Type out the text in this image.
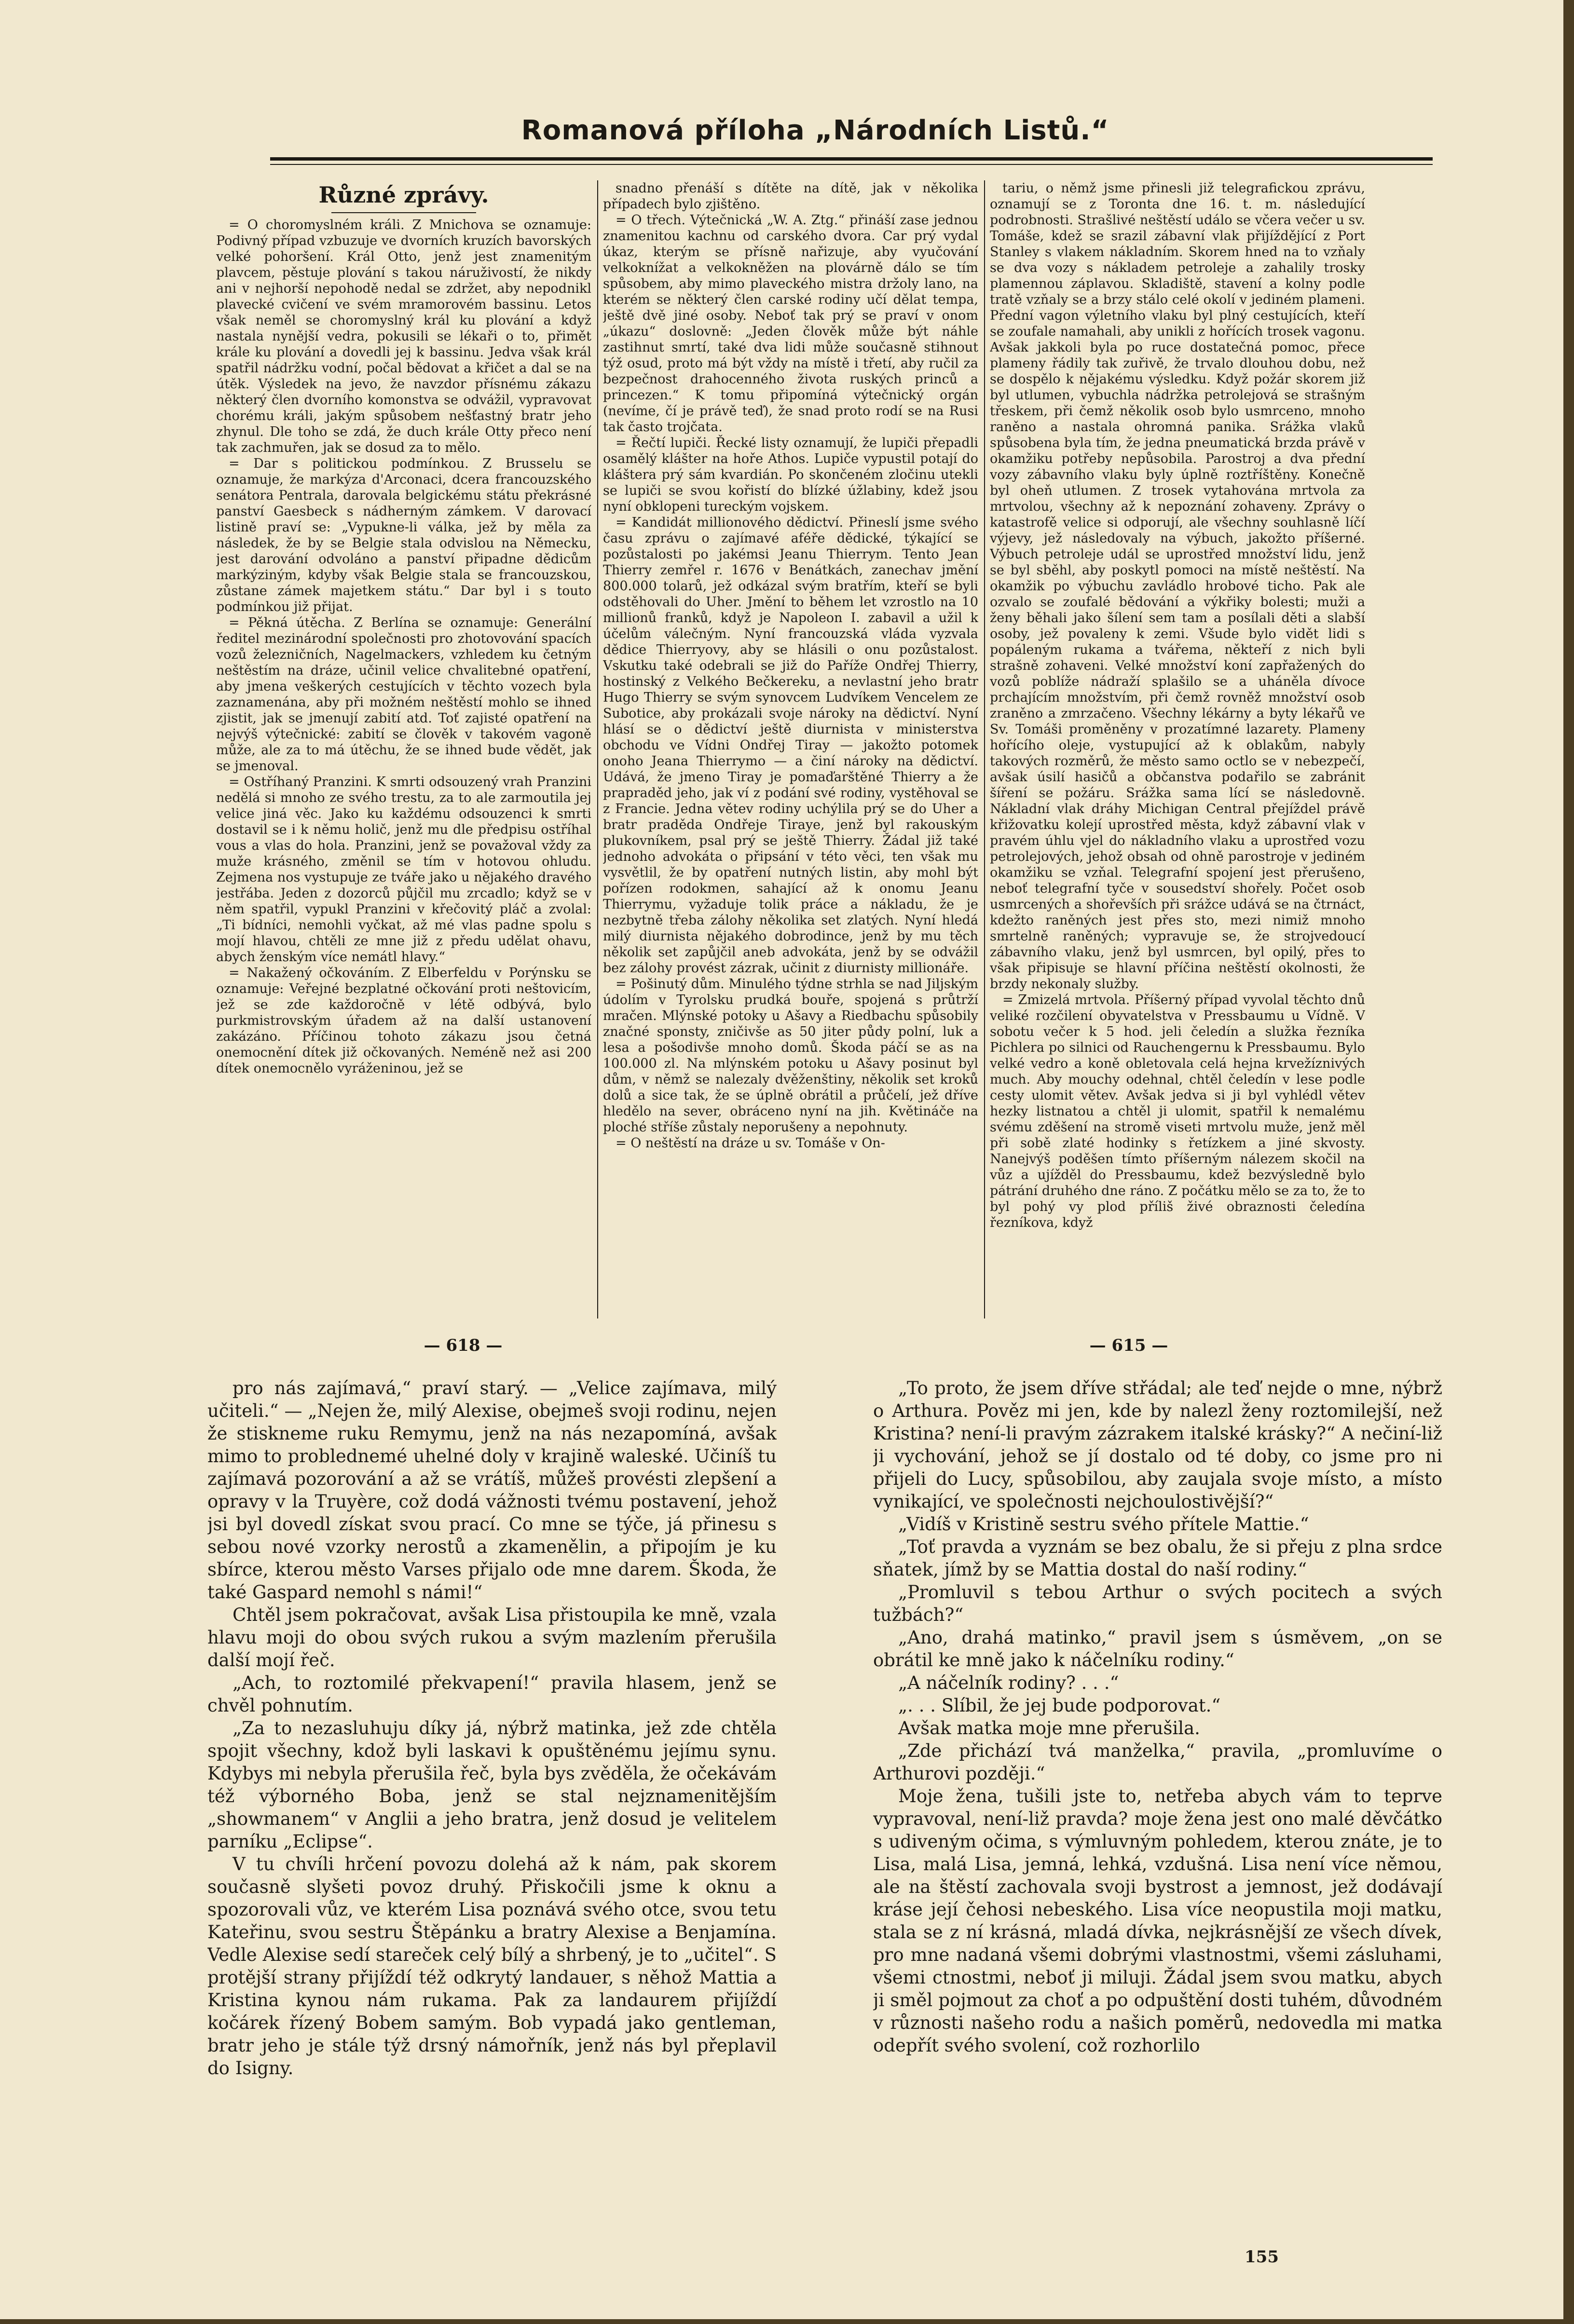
Romanová příloha „Národních Listů.“
Různé zprávy.

= O choromyslném králi. Z Mnichova se oznamuje: Podivný případ vzbuzuje ve dvorních kruzích bavorských velké pohoršení. Král Otto, jenž jest znamenitým plavcem, pěstuje plování s takou náruživostí, že nikdy ani v nejhorší nepohodě nedal se zdržet, aby nepodnikl plavecké cvičení ve svém mramorovém bassinu. Letos však neměl se choromyslný král ku plování a když nastala nynější vedra, pokusili se lékaři o to, přimět krále ku plování a dovedli jej k bassinu. Jedva však král spatřil nádržku vodní, počal bědovat a křičet a dal se na útěk. Výsledek na jevo, že navzdor přísnému zákazu některý člen dvorního komonstva se odvážil, vypravovat chorému králi, jakým spůsobem nešťastný bratr jeho zhynul. Dle toho se zdá, že duch krále Otty přeco není tak zachmuřen, jak se dosud za to mělo.

= Dar s politickou podmínkou. Z Brusselu se oznamuje, že markýza d'Arconaci, dcera francouzského senátora Pentrala, darovala belgickému státu překrásné panství Gaesbeck s nádherným zámkem. V darovací listině praví se: „Vypukne-li válka, jež by měla za následek, že by se Belgie stala odvislou na Německu, jest darování odvoláno a panství připadne dědicům markýziným, kdyby však Belgie stala se francouzskou, zůstane zámek majetkem státu.“ Dar byl i s touto podmínkou již přijat.

= Pěkná útěcha. Z Berlína se oznamuje: Generální ředitel mezinárodní společnosti pro zhotovování spacích vozů železničních, Nagelmackers, vzhledem ku četným neštěstím na dráze, učinil velice chvalitebné opatření, aby jmena veškerých cestujících v těchto vozech byla zaznamenána, aby při možném neštěstí mohlo se ihned zjistit, jak se jmenují zabití atd. Toť zajisté opatření na nejvýš výtečnické: zabití se člověk v takovém vagoně může, ale za to má útěchu, že se ihned bude vědět, jak se jmenoval.

= Ostříhaný Pranzini. K smrti odsouzený vrah Pranzini nedělá si mnoho ze svého trestu, za to ale zarmoutila jej velice jiná věc. Jako ku každému odsouzenci k smrti dostavil se i k němu holič, jenž mu dle předpisu ostříhal vous a vlas do hola. Pranzini, jenž se považoval vždy za muže krásného, změnil se tím v hotovou ohludu. Zejmena nos vystupuje ze tváře jako u nějakého dravého jestřába. Jeden z dozorců půjčil mu zrcadlo; když se v něm spatřil, vypukl Pranzini v křečovitý pláč a zvolal: „Ti bídníci, nemohli vyčkat, až mé vlas padne spolu s mojí hlavou, chtěli ze mne již z předu udělat ohavu, abych ženským více nemátl hlavy.“

= Nakažený očkováním. Z Elberfeldu v Porýnsku se oznamuje: Veřejné bezplatné očkování proti neštovicím, jež se zde každoročně v létě odbývá, bylo purkmistrovským úřadem až na další ustanovení zakázáno. Příčinou tohoto zákazu jsou četná onemocnění dítek již očkovaných. Neméně než asi 200 dítek onemocnělo vyráženinou, jež se

snadno přenáší s dítěte na dítě, jak v několika případech bylo zjištěno.

= O třech. Výtečnická „W. A. Ztg.“ přináší zase jednou znamenitou kachnu od carského dvora. Car prý vydal úkaz, kterým se přísně nařizuje, aby vyučování velkoknížat a velkokněžen na plovárně dálo se tím spůsobem, aby mimo plaveckého mistra držoly lano, na kterém se některý člen carské rodiny učí dělat tempa, ještě dvě jiné osoby. Neboť tak prý se praví v onom „úkazu“ doslovně: „Jeden člověk může být náhle zastihnut smrtí, také dva lidi může současně stihnout týž osud, proto má být vždy na místě i třetí, aby ručil za bezpečnost drahocenného života ruských princů a princezen.“ K tomu připomíná výtečnický orgán (nevíme, čí je právě teď), že snad proto rodí se na Rusi tak často trojčata.

= Řečtí lupiči. Řecké listy oznamují, že lupiči přepadli osamělý klášter na hoře Athos. Lupiče vypustil potají do kláštera prý sám kvardián. Po skončeném zločinu utekli se lupiči se svou kořistí do blízké úžlabiny, kdež jsou nyní obklopeni tureckým vojskem.

= Kandidát millionového dědictví. Přineslí jsme svého času zprávu o zajímavé aféře dědické, týkající se pozůstalosti po jakémsi Jeanu Thierrym. Tento Jean Thierry zemřel r. 1676 v Benátkách, zanechav jmění 800.000 tolarů, jež odkázal svým bratřím, kteří se byli odstěhovali do Uher. Jmění to během let vzrostlo na 10 millionů franků, když je Napoleon I. zabavil a užil k účelům válečným. Nyní francouzská vláda vyzvala dědice Thierryovy, aby se hlásili o onu pozůstalost. Vskutku také odebrali se již do Paříže Ondřej Thierry, hostinský z Velkého Bečkereku, a nevlastní jeho bratr Hugo Thierry se svým synovcem Ludvíkem Vencelem ze Subotice, aby prokázali svoje nároky na dědictví. Nyní hlásí se o dědictví ještě diurnista v ministerstva obchodu ve Vídni Ondřej Tiray — jakožto potomek onoho Jeana Thierrymo — a činí nároky na dědictví. Udává, že jmeno Tiray je pomaďarštěné Thierry a že prapraděd jeho, jak ví z podání své rodiny, vystěhoval se z Francie. Jedna větev rodiny uchýlila prý se do Uher a bratr praděda Ondřeje Tiraye, jenž byl rakouským plukovníkem, psal prý se ještě Thierry. Žádal již také jednoho advokáta o připsání v této věci, ten však mu vysvětlil, že by opatření nutných listin, aby mohl být pořízen rodokmen, sahající až k onomu Jeanu Thierrymu, vyžaduje tolik práce a nákladu, že je nezbytně třeba zálohy několika set zlatých. Nyní hledá milý diurnista nějakého dobrodince, jenž by mu těch několik set zapůjčil aneb advokáta, jenž by se odvážil bez zálohy provést zázrak, učinit z diurnisty millionáře.

= Pošinutý dům. Minulého týdne strhla se nad Jiljským údolím v Tyrolsku prudká bouře, spojená s průtrží mračen. Mlýnské potoky u Ašavy a Riedbachu spůsobily značné sponsty, zničivše as 50 jiter půdy polní, luk a lesa a pošodivše mnoho domů. Škoda páčí se as na 100.000 zl. Na mlýnském potoku u Ašavy posinut byl dům, v němž se nalezaly dvěženštiny, několik set kroků dolů a sice tak, že se úplně obrátil a průčelí, jež dříve hledělo na sever, obráceno nyní na jih. Květináče na ploché stříše zůstaly neporušeny a nepohnuty.

= O neštěstí na dráze u sv. Tomáše v On-

tariu, o němž jsme přinesli již telegrafickou zprávu, oznamují se z Toronta dne 16. t. m. následující podrobnosti. Strašlivé neštěstí událo se včera večer u sv. Tomáše, kdež se srazil zábavní vlak přijíždějící z Port Stanley s vlakem nákladním. Skorem hned na to vzňaly se dva vozy s nákladem petroleje a zahalily trosky plamennou záplavou. Skladiště, stavení a kolny podle tratě vzňaly se a brzy stálo celé okolí v jediném plameni. Přední vagon výletního vlaku byl plný cestujících, kteří se zoufale namahali, aby unikli z hořících trosek vagonu. Avšak jakkoli byla po ruce dostatečná pomoc, přece plameny řádily tak zuřivě, že trvalo dlouhou dobu, než se dospělo k nějakému výsledku. Když požár skorem již byl utlumen, vybuchla nádržka petrolejová se strašným třeskem, při čemž několik osob bylo usmrceno, mnoho raněno a nastala ohromná panika. Srážka vlaků spůsobena byla tím, že jedna pneumatická brzda právě v okamžiku potřeby nepůsobila. Parostroj a dva přední vozy zábavního vlaku byly úplně roztříštěny. Konečně byl oheň utlumen. Z trosek vytahována mrtvola za mrtvolou, všechny až k nepoznání zohaveny. Zprávy o katastrofě velice si odporují, ale všechny souhlasně líčí výjevy, jež následovaly na výbuch, jakožto příšerné. Výbuch petroleje udál se uprostřed množství lidu, jenž se byl sběhl, aby poskytl pomoci na místě neštěstí. Na okamžik po výbuchu zavládlo hrobové ticho. Pak ale ozvalo se zoufalé bědování a výkřiky bolesti; muži a ženy běhali jako šílení sem tam a posílali děti a slabší osoby, jež povaleny k zemi. Všude bylo vidět lidi s popáleným rukama a tvářema, někteří z nich byli strašně zohaveni. Velké množství koní zapřažených do vozů poblíže nádraží splašilo se a uháněla dívoce prchajícím množstvím, při čemž rovněž množství osob zraněno a zmrzačeno. Všechny lékárny a byty lékařů ve Sv. Tomáši proměněny v prozatímné lazarety. Plameny hořícího oleje, vystupující až k oblakům, nabyly takových rozměrů, že město samo octlo se v nebezpečí, avšak úsilí hasičů a občanstva podařilo se zabránit šíření se požáru. Srážka sama lící se následovně. Nákladní vlak dráhy Michigan Central přejíždel právě křižovatku kolejí uprostřed města, když zábavní vlak v pravém úhlu vjel do nákladního vlaku a uprostřed vozu petrolejových, jehož obsah od ohně parostroje v jediném okamžiku se vzňal. Telegrafní spojení jest přerušeno, neboť telegrafní tyče v sousedství shořely. Počet osob usmrcených a shořevších při srážce udává se na čtrnáct, kdežto raněných jest přes sto, mezi nimiž mnoho smrtelně raněných; vypravuje se, že strojvedoucí zábavního vlaku, jenž byl usmrcen, byl opilý, přes to však připisuje se hlavní příčina neštěstí okolnosti, že brzdy nekonaly služby.

= Zmizelá mrtvola. Příšerný případ vyvolal těchto dnů veliké rozčilení obyvatelstva v Pressbaumu u Vídně. V sobotu večer k 5 hod. jeli čeledín a služka řezníka Pichlera po silnici od Rauchengernu k Pressbaumu. Bylo velké vedro a koně obletovala celá hejna krvežíznivých much. Aby mouchy odehnal, chtěl čeledín v lese podle cesty ulomit větev. Avšak jedva si ji byl vyhlédl větev hezky listnatou a chtěl ji ulomit, spatřil k nemalému svému zděšení na stromě viseti mrtvolu muže, jenž měl při sobě zlaté hodinky s řetízkem a jiné skvosty. Nanejvýš poděšen tímto příšerným nálezem skočil na vůz a ujížděl do Pressbaumu, kdež bezvýsledně bylo pátrání druhého dne ráno. Z počátku mělo se za to, že to byl pohý vy plod příliš živé obraznosti čeledína řezníkova, když

— 618 —	— 615 —

pro nás zajímavá,“ praví starý. — „Velice zajímava, milý učiteli.“ — „Nejen že, milý Alexise, obejmeš svoji rodinu, nejen že stiskneme ruku Remymu, jenž na nás nezapomíná, avšak mimo to problednemé uhelné doly v krajině waleské. Učiníš tu zajímavá pozorování a až se vrátíš, můžeš provésti zlepšení a opravy v la Truyère, což dodá vážnosti tvému postavení, jehož jsi byl dovedl získat svou prací. Co mne se týče, já přinesu s sebou nové vzorky nerostů a zkamenělin, a připojím je ku sbírce, kterou město Varses přijalo ode mne darem. Škoda, že také Gaspard nemohl s námi!“

Chtěl jsem pokračovat, avšak Lisa přistoupila ke mně, vzala hlavu moji do obou svých rukou a svým mazlením přerušila další mojí řeč.

„Ach, to roztomilé překvapení!“ pravila hlasem, jenž se chvěl pohnutím.

„Za to nezasluhuju díky já, nýbrž matinka, jež zde chtěla spojit všechny, kdož byli laskavi k opuštěnému jejímu synu. Kdybys mi nebyla přerušila řeč, byla bys zvěděla, že očekávám též výborného Boba, jenž se stal nejznamenitějším „showmanem“ v Anglii a jeho bratra, jenž dosud je velitelem parníku „Eclipse“.

V tu chvíli hrčení povozu dolehá až k nám, pak skorem současně slyšeti povoz druhý. Přiskočili jsme k oknu a spozorovali vůz, ve kterém Lisa poznává svého otce, svou tetu Kateřinu, svou sestru Štěpánku a bratry Alexise a Benjamína. Vedle Alexise sedí stareček celý bílý a shrbený, je to „učitel“. S protější strany přijíždí též odkrytý landauer, s něhož Mattia a Kristina kynou nám rukama. Pak za landaurem přijíždí kočárek řízený Bobem samým. Bob vypadá jako gentleman, bratr jeho je stále týž drsný námořník, jenž nás byl přeplavil do Isigny.

„To proto, že jsem dříve střádal; ale teď nejde o mne, nýbrž o Arthura. Pověz mi jen, kde by nalezl ženy roztomilejší, než Kristina? není-li pravým zázrakem italské krásky?“ A nečiní-liž ji vychování, jehož se jí dostalo od té doby, co jsme pro ni přijeli do Lucy, spůsobilou, aby zaujala svoje místo, a místo vynikající, ve společnosti nejchoulostivější?“

„Vidíš v Kristině sestru svého přítele Mattie.“

„Toť pravda a vyznám se bez obalu, že si přeju z plna srdce sňatek, jímž by se Mattia dostal do naší rodiny.“

„Promluvil s tebou Arthur o svých pocitech a svých tužbách?“

„Ano, drahá matinko,“ pravil jsem s úsměvem, „on se obrátil ke mně jako k náčelníku rodiny.“

„A náčelník rodiny? . . .“

„. . . Slíbil, že jej bude podporovat.“

Avšak matka moje mne přerušila.

„Zde přichází tvá manželka,“ pravila, „promluvíme o Arthurovi později.“

Moje žena, tušili jste to, netřeba abych vám to teprve vypravoval, není-liž pravda? moje žena jest ono malé děvčátko s udiveným očima, s výmluvným pohledem, kterou znáte, je to Lisa, malá Lisa, jemná, lehká, vzdušná. Lisa není více němou, ale na štěstí zachovala svoji bystrost a jemnost, jež dodávají kráse její čehosi nebeského. Lisa více neopustila moji matku, stala se z ní krásná, mladá dívka, nejkrásnější ze všech dívek, pro mne nadaná všemi dobrými vlastnostmi, všemi zásluhami, všemi ctnostmi, neboť ji miluji. Žádal jsem svou matku, abych ji směl pojmout za choť a po odpuštění dosti tuhém, důvodném v různosti našeho rodu a našich poměrů, nedovedla mi matka odepřít svého svolení, což rozhorlilo

155
